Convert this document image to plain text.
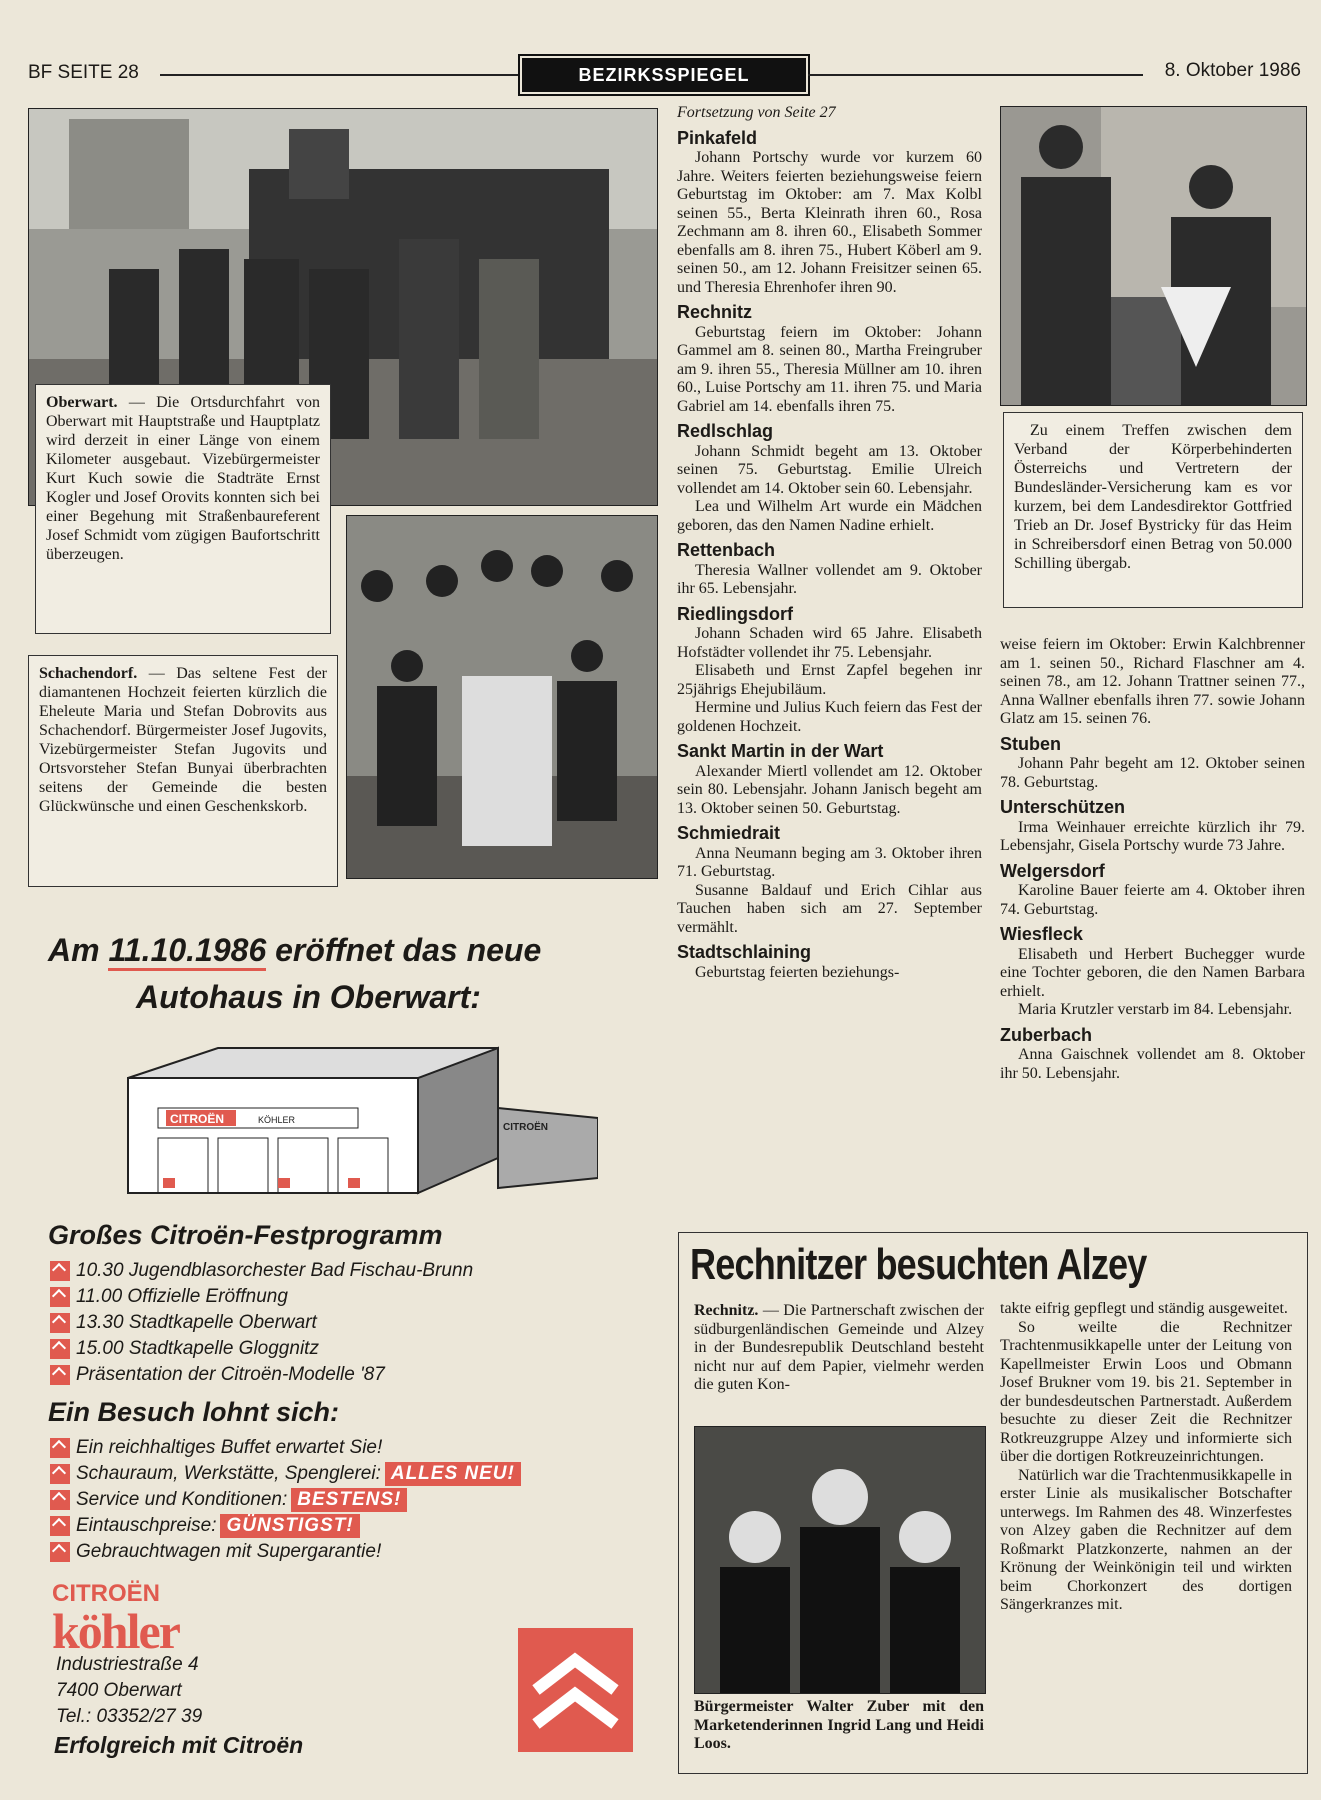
BF SEITE 28	BEZIRKSSPIEGEL	8. Oktober 1986
Oberwart. — Die Ortsdurchfahrt von Oberwart mit Hauptstraße und Hauptplatz wird derzeit in einer Länge von einem Kilometer ausgebaut. Vizebürgermeister Kurt Kuch sowie die Stadträte Ernst Kogler und Josef Orovits konnten sich bei einer Begehung mit Straßenbaureferent Josef Schmidt vom zügigen Baufortschritt überzeugen.
Schachendorf. — Das seltene Fest der diamantenen Hochzeit feierten kürzlich die Eheleute Maria und Stefan Dobrovits aus Schachendorf. Bürgermeister Josef Jugovits, Vizebürgermeister Stefan Jugovits und Ortsvorsteher Stefan Bunyai überbrachten seitens der Gemeinde die besten Glückwünsche und einen Geschenkskorb.
Fortsetzung von Seite 27
Pinkafeld

Johann Portschy wurde vor kurzem 60 Jahre. Weiters feierten beziehungsweise feiern Geburtstag im Oktober: am 7. Max Kolbl seinen 55., Berta Kleinrath ihren 60., Rosa Zechmann am 8. ihren 60., Elisabeth Sommer ebenfalls am 8. ihren 75., Hubert Köberl am 9. seinen 50., am 12. Johann Freisitzer seinen 65. und Theresia Ehrenhofer ihren 90.

Rechnitz

Geburtstag feiern im Oktober: Johann Gammel am 8. seinen 80., Martha Freingruber am 9. ihren 55., Theresia Müllner am 10. ihren 60., Luise Portschy am 11. ihren 75. und Maria Gabriel am 14. ebenfalls ihren 75.

Redlschlag

Johann Schmidt begeht am 13. Oktober seinen 75. Geburtstag. Emilie Ulreich vollendet am 14. Oktober sein 60. Lebensjahr.

Lea und Wilhelm Art wurde ein Mädchen geboren, das den Namen Nadine erhielt.

Rettenbach

Theresia Wallner vollendet am 9. Oktober ihr 65. Lebensjahr.

Riedlingsdorf

Johann Schaden wird 65 Jahre. Elisabeth Hofstädter vollendet ihr 75. Lebensjahr.

Elisabeth und Ernst Zapfel begehen inr 25jährigs Ehejubiläum.

Hermine und Julius Kuch feiern das Fest der goldenen Hochzeit.

Sankt Martin in der Wart

Alexander Miertl vollendet am 12. Oktober sein 80. Lebensjahr. Johann Janisch begeht am 13. Oktober seinen 50. Geburtstag.

Schmiedrait

Anna Neumann beging am 3. Oktober ihren 71. Geburtstag.

Susanne Baldauf und Erich Cihlar aus Tauchen haben sich am 27. September vermählt.

Stadtschlaining

Geburtstag feierten beziehungs-

Zu einem Treffen zwischen dem Verband der Körperbehinderten Österreichs und Vertretern der Bundesländer-Versicherung kam es vor kurzem, bei dem Landesdirektor Gottfried Trieb an Dr. Josef Bystricky für das Heim in Schreibersdorf einen Betrag von 50.000 Schilling übergab.

weise feiern im Oktober: Erwin Kalchbrenner am 1. seinen 50., Richard Flaschner am 4. seinen 78., am 12. Johann Trattner seinen 77., Anna Wallner ebenfalls ihren 77. sowie Johann Glatz am 15. seinen 76.

Stuben

Johann Pahr begeht am 12. Oktober seinen 78. Geburtstag.

Unterschützen

Irma Weinhauer erreichte kürzlich ihr 79. Lebensjahr, Gisela Portschy wurde 73 Jahre.

Welgersdorf

Karoline Bauer feierte am 4. Oktober ihren 74. Geburtstag.

Wiesfleck

Elisabeth und Herbert Buchegger wurde eine Tochter geboren, die den Namen Barbara erhielt.

Maria Krutzler verstarb im 84. Lebensjahr.

Zuberbach

Anna Gaischnek vollendet am 8. Oktober ihr 50. Lebensjahr.

Am 11.10.1986 eröffnet das neue
Autohaus in Oberwart:
CITROËN	KÖHLER
CITROËN
Großes Citroën-Festprogramm
10.30 Jugendblasorchester Bad Fischau-Brunn
11.00 Offizielle Eröffnung
13.30 Stadtkapelle Oberwart
15.00 Stadtkapelle Gloggnitz
Präsentation der Citroën-Modelle '87
Ein Besuch lohnt sich:
Ein reichhaltiges Buffet erwartet Sie!
Schauraum, Werkstätte, Spenglerei: ALLES NEU!
Service und Konditionen: BESTENS!
Eintauschpreise: GÜNSTIGST!
Gebrauchtwagen mit Supergarantie!
CITROËN
köhler
Industriestraße 4
7400 Oberwart
Tel.: 03352/27 39
Erfolgreich mit Citroën
Rechnitzer besuchten Alzey

Rechnitz. — Die Partnerschaft zwischen der südburgenländischen Gemeinde und Alzey in der Bundesrepublik Deutschland besteht nicht nur auf dem Papier, vielmehr werden die guten Kon-

Bürgermeister Walter Zuber mit den Marketenderinnen Ingrid Lang und Heidi Loos.

takte eifrig gepflegt und ständig ausgeweitet.

So weilte die Rechnitzer Trachtenmusikkapelle unter der Leitung von Kapellmeister Erwin Loos und Obmann Josef Brukner vom 19. bis 21. September in der bundesdeutschen Partnerstadt. Außerdem besuchte zu dieser Zeit die Rechnitzer Rotkreuzgruppe Alzey und informierte sich über die dortigen Rotkreuzeinrichtungen.

Natürlich war die Trachtenmusikkapelle in erster Linie als musikalischer Botschafter unterwegs. Im Rahmen des 48. Winzerfestes von Alzey gaben die Rechnitzer auf dem Roßmarkt Platzkonzerte, nahmen an der Krönung der Weinkönigin teil und wirkten beim Chorkonzert des dortigen Sängerkranzes mit.
